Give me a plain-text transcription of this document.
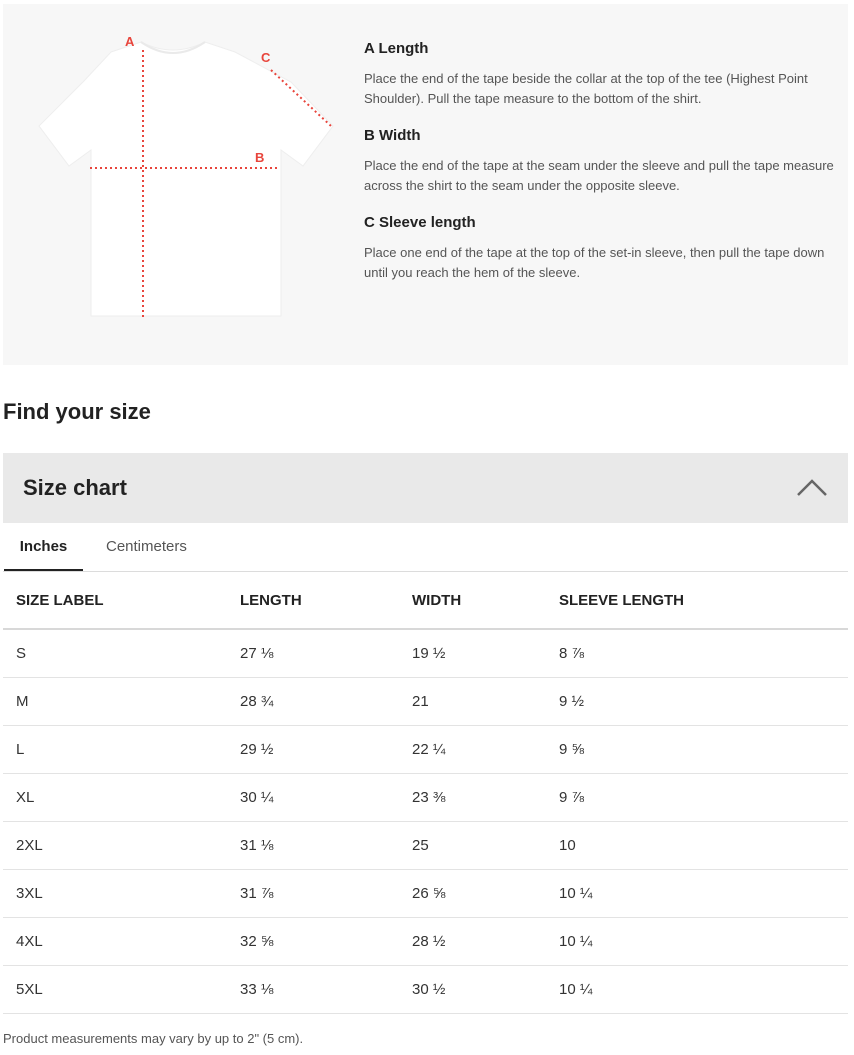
A
B
C
A Length
Place the end of the tape beside the collar at the top of the tee (Highest Point Shoulder). Pull the tape measure to the bottom of the shirt.
B Width
Place the end of the tape at the seam under the sleeve and pull the tape measure across the shirt to the seam under the opposite sleeve.
C Sleeve length
Place one end of the tape at the top of the set-in sleeve, then pull the tape down until you reach the hem of the sleeve.
Find your size
Size chart
Inches	Centimeters
SIZE LABEL	LENGTH	WIDTH	SLEEVE LENGTH
S	27 ⅛	19 ½	8 ⅞
M	28 ¾	21	9 ½
L	29 ½	22 ¼	9 ⅝
XL	30 ¼	23 ⅜	9 ⅞
2XL	31 ⅛	25	10
3XL	31 ⅞	26 ⅝	10 ¼
4XL	32 ⅝	28 ½	10 ¼
5XL	33 ⅛	30 ½	10 ¼
Product measurements may vary by up to 2" (5 cm).
